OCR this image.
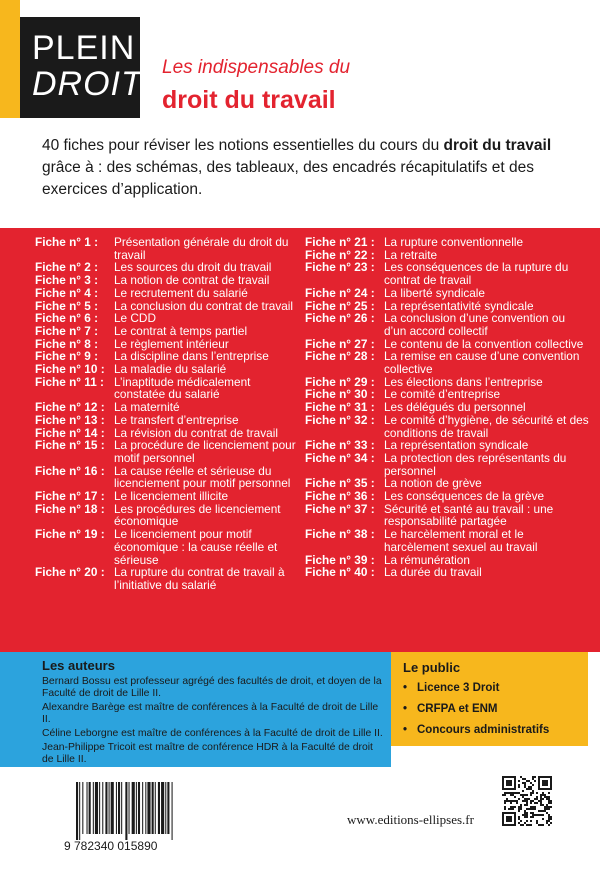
PLEIN
DROIT Les indispensables du
droit du travail
40 fiches pour réviser les notions essentielles du cours du droit du travail grâce à : des schémas, des tableaux, des encadrés récapitulatifs et des exercices d’application.
Fiche n° 1 :	Présentation générale du droit du travail
Fiche n° 2 :	Les sources du droit du travail
Fiche n° 3 :	La notion de contrat de travail
Fiche n° 4 :	Le recrutement du salarié
Fiche n° 5 :	La conclusion du contrat de travail
Fiche n° 6 :	Le CDD
Fiche n° 7 :	Le contrat à temps partiel
Fiche n° 8 :	Le règlement intérieur
Fiche n° 9 :	La discipline dans l’entreprise
Fiche n° 10 : La maladie du salarié
Fiche n° 11 : L’inaptitude médicalement constatée du salarié
Fiche n° 12 : La maternité
Fiche n° 13 : Le transfert d’entreprise
Fiche n° 14 : La révision du contrat de travail
Fiche n° 15 : La procédure de licenciement pour motif personnel
Fiche n° 16 : La cause réelle et sérieuse du licenciement pour motif personnel
Fiche n° 17 : Le licenciement illicite
Fiche n° 18 : Les procédures de licenciement économique
Fiche n° 19 : Le licenciement pour motif économique : la cause réelle et sérieuse
Fiche n° 20 : La rupture du contrat de travail à l’initiative du salarié
Fiche n° 21 : La rupture conventionnelle
Fiche n° 22 : La retraite
Fiche n° 23 : Les conséquences de la rupture du contrat de travail
Fiche n° 24 : La liberté syndicale
Fiche n° 25 : La représentativité syndicale
Fiche n° 26 : La conclusion d’une convention ou d’un accord collectif
Fiche n° 27 : Le contenu de la convention collective
Fiche n° 28 : La remise en cause d’une convention collective
Fiche n° 29 : Les élections dans l’entreprise
Fiche n° 30 : Le comité d’entreprise
Fiche n° 31 : Les délégués du personnel
Fiche n° 32 : Le comité d’hygiène, de sécurité et des conditions de travail
Fiche n° 33 : La représentation syndicale
Fiche n° 34 : La protection des représentants du personnel
Fiche n° 35 : La notion de grève
Fiche n° 36 : Les conséquences de la grève
Fiche n° 37 : Sécurité et santé au travail : une responsabilité partagée
Fiche n° 38 : Le harcèlement moral et le harcèlement sexuel au travail
Fiche n° 39 : La rémunération
Fiche n° 40 : La durée du travail
Les auteurs
Bernard Bossu est professeur agrégé des facultés de droit, et doyen de la Faculté de droit de Lille II.
Alexandre Barège est maître de conférences à la Faculté de droit de Lille II.
Céline Leborgne est maître de conférences à la Faculté de droit de Lille II.
Jean-Philippe Tricoit est maître de conférence HDR à la Faculté de droit de Lille II.
Le public
• Licence 3 Droit
• CRFPA et ENM
• Concours administratifs
9 782340 015890
www.editions-ellipses.fr
